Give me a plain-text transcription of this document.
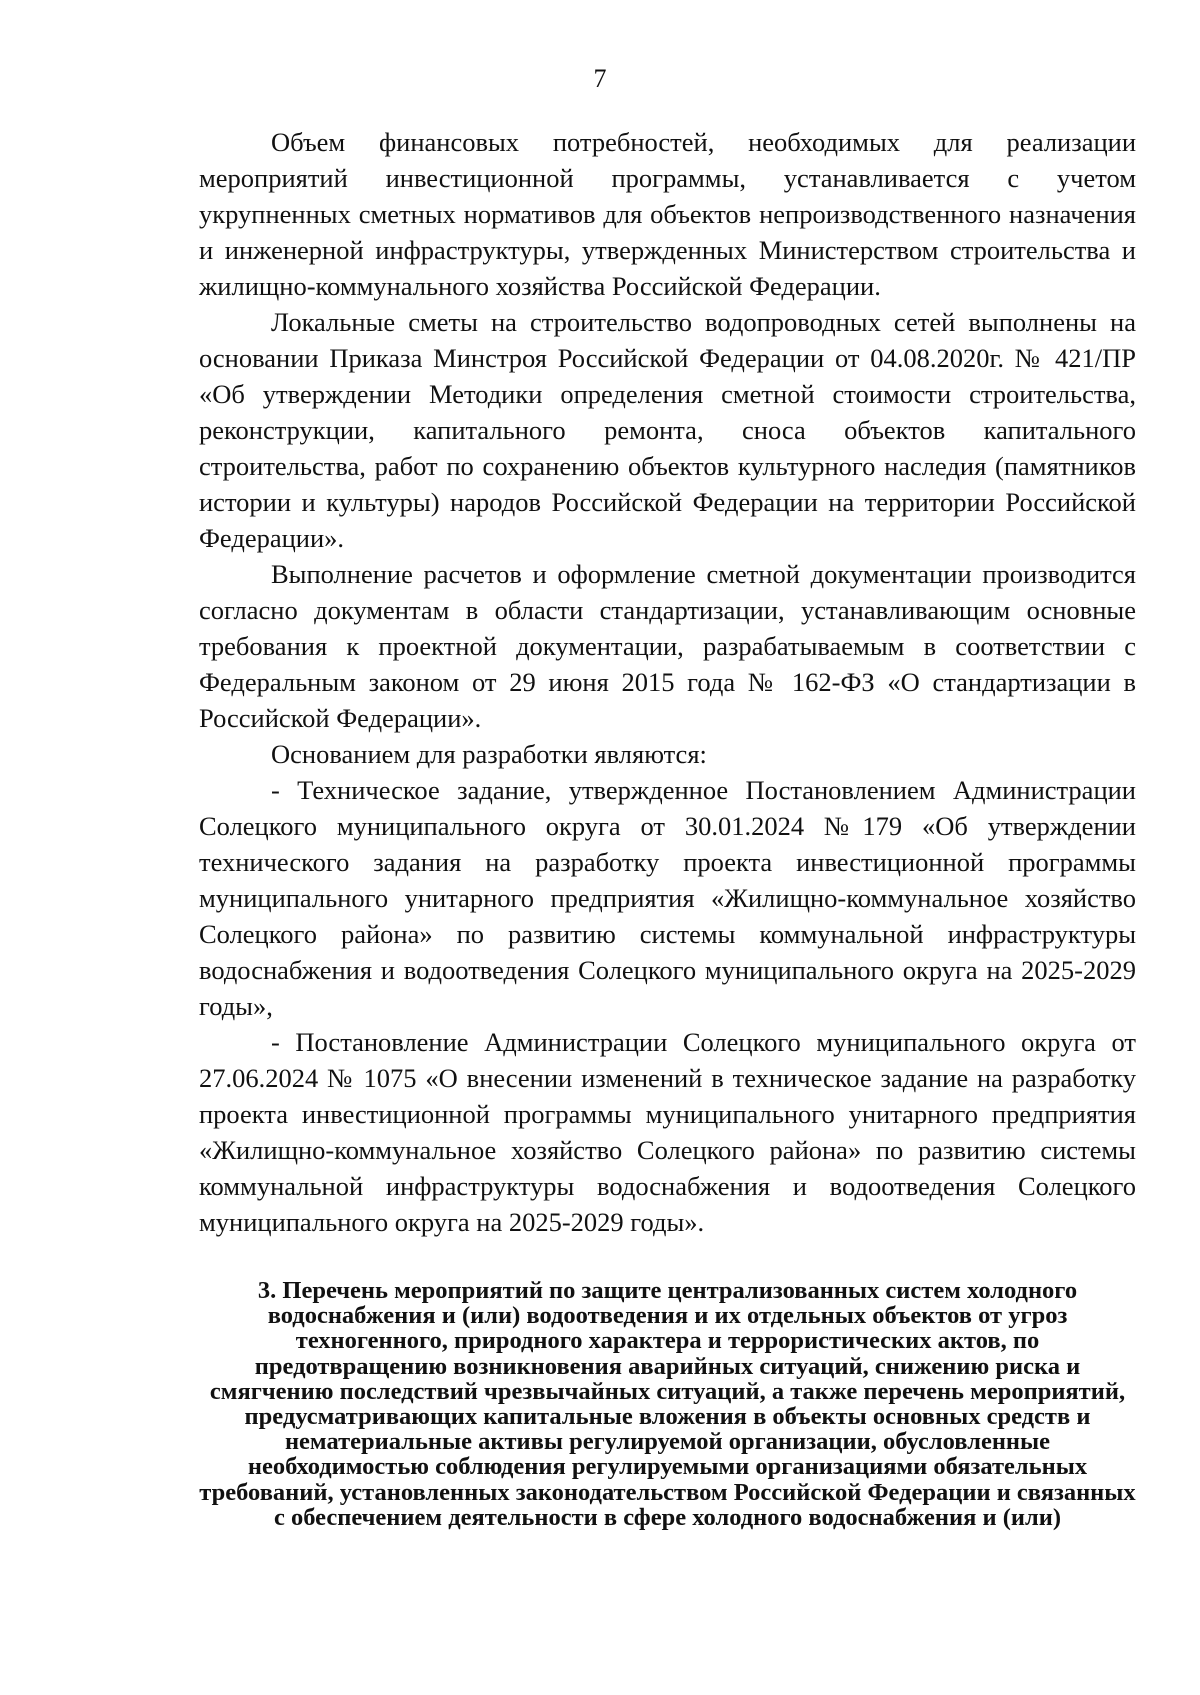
7

Объем финансовых потребностей, необходимых для реализации мероприятий инвестиционной программы, устанавливается с учетом укрупненных сметных нормативов для объектов непроизводственного назначения и инженерной инфраструктуры, утвержденных Министерством строительства и жилищно-коммунального хозяйства Российской Федерации.

Локальные сметы на строительство водопроводных сетей выполнены на основании Приказа Минстроя Российской Федерации от 04.08.2020г. № 421/ПР «Об утверждении Методики определения сметной стоимости строительства, реконструкции, капитального ремонта, сноса объектов капитального строительства, работ по сохранению объектов культурного наследия (памятников истории и культуры) народов Российской Федерации на территории Российской Федерации».

Выполнение расчетов и оформление сметной документации производится согласно документам в области стандартизации, устанавливающим основные требования к проектной документации, разрабатываемым в соответствии с Федеральным законом от 29 июня 2015 года № 162-ФЗ «О стандартизации в Российской Федерации».

Основанием для разработки являются:

- Техническое задание, утвержденное Постановлением Администрации Солецкого муниципального округа от 30.01.2024 №179 «Об утверждении технического задания на разработку проекта инвестиционной программы муниципального унитарного предприятия «Жилищно-коммунальное хозяйство Солецкого района» по развитию системы коммунальной инфраструктуры водоснабжения и водоотведения Солецкого муниципального округа на 2025-2029 годы»,

- Постановление Администрации Солецкого муниципального округа от 27.06.2024 № 1075 «О внесении изменений в техническое задание на разработку проекта инвестиционной программы муниципального унитарного предприятия «Жилищно-коммунальное хозяйство Солецкого района» по развитию системы коммунальной инфраструктуры водоснабжения и водоотведения Солецкого муниципального округа на 2025-2029 годы».

3. Перечень мероприятий по защите централизованных систем холодного водоснабжения и (или) водоотведения и их отдельных объектов от угроз техногенного, природного характера и террористических актов, по предотвращению возникновения аварийных ситуаций, снижению риска и смягчению последствий чрезвычайных ситуаций, а также перечень мероприятий, предусматривающих капитальные вложения в объекты основных средств и нематериальные активы регулируемой организации, обусловленные необходимостью соблюдения регулируемыми организациями обязательных требований, установленных законодательством Российской Федерации и связанных с обеспечением деятельности в сфере холодного водоснабжения и (или)
